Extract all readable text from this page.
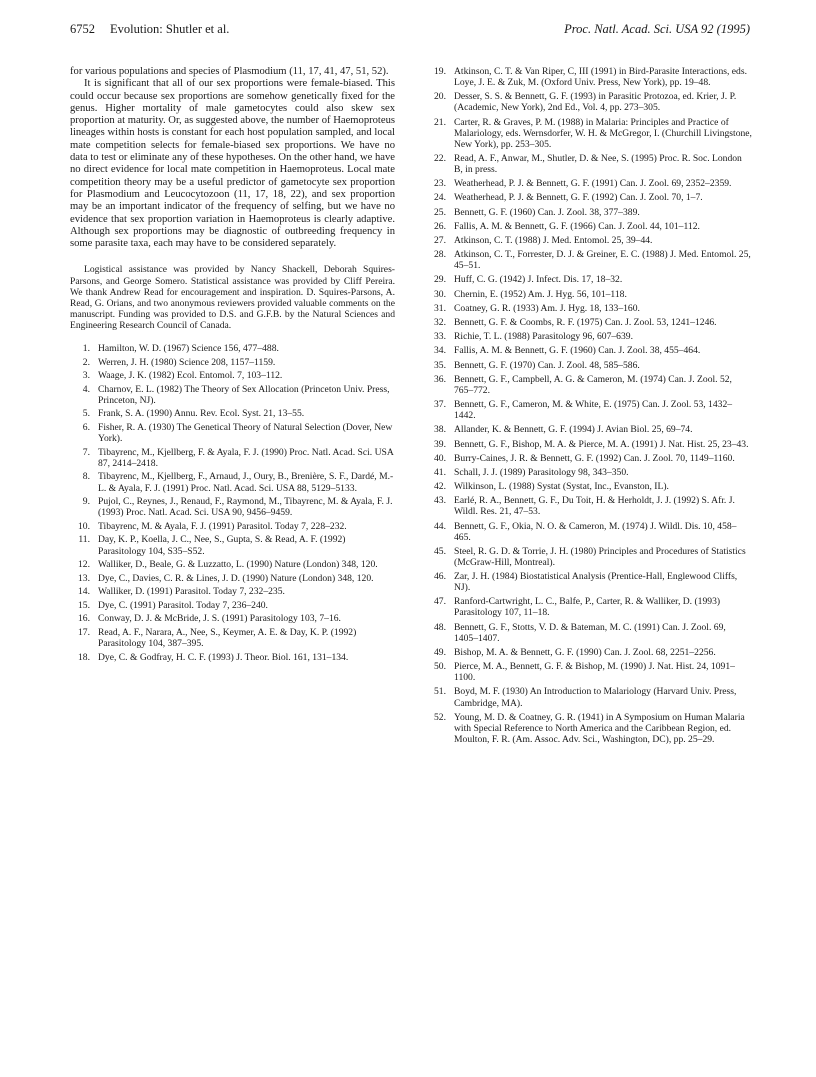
6752 Evolution: Shutler et al.	Proc. Natl. Acad. Sci. USA 92 (1995)

for various populations and species of Plasmodium (11, 17, 41, 47, 51, 52).

It is significant that all of our sex proportions were female-biased. This could occur because sex proportions are somehow genetically fixed for the genus. Higher mortality of male gametocytes could also skew sex proportion at maturity. Or, as suggested above, the number of Haemoproteus lineages within hosts is constant for each host population sampled, and local mate competition selects for female-biased sex proportions. We have no data to test or eliminate any of these hypotheses. On the other hand, we have no direct evidence for local mate competition in Haemoproteus. Local mate competition theory may be a useful predictor of gametocyte sex proportion for Plasmodium and Leucocytozoon (11, 17, 18, 22), and sex proportion may be an important indicator of the frequency of selfing, but we have no evidence that sex proportion variation in Haemoproteus is clearly adaptive. Although sex proportions may be diagnostic of outbreeding frequency in some parasite taxa, each may have to be considered separately.

Logistical assistance was provided by Nancy Shackell, Deborah Squires-Parsons, and George Somero. Statistical assistance was provided by Cliff Pereira. We thank Andrew Read for encouragement and inspiration. D. Squires-Parsons, A. Read, G. Orians, and two anonymous reviewers provided valuable comments on the manuscript. Funding was provided to D.S. and G.F.B. by the Natural Sciences and Engineering Research Council of Canada.

1. Hamilton, W. D. (1967) Science 156, 477–488.
2. Werren, J. H. (1980) Science 208, 1157–1159.
3. Waage, J. K. (1982) Ecol. Entomol. 7, 103–112.
4. Charnov, E. L. (1982) The Theory of Sex Allocation (Princeton Univ. Press, Princeton, NJ).
5. Frank, S. A. (1990) Annu. Rev. Ecol. Syst. 21, 13–55.
6. Fisher, R. A. (1930) The Genetical Theory of Natural Selection (Dover, New York).
7. Tibayrenc, M., Kjellberg, F. & Ayala, F. J. (1990) Proc. Natl. Acad. Sci. USA 87, 2414–2418.
8. Tibayrenc, M., Kjellberg, F., Arnaud, J., Oury, B., Brenière, S. F., Dardé, M.-L. & Ayala, F. J. (1991) Proc. Natl. Acad. Sci. USA 88, 5129–5133.
9. Pujol, C., Reynes, J., Renaud, F., Raymond, M., Tibayrenc, M. & Ayala, F. J. (1993) Proc. Natl. Acad. Sci. USA 90, 9456–9459.
10. Tibayrenc, M. & Ayala, F. J. (1991) Parasitol. Today 7, 228–232.
11. Day, K. P., Koella, J. C., Nee, S., Gupta, S. & Read, A. F. (1992) Parasitology 104, S35–S52.
12. Walliker, D., Beale, G. & Luzzatto, L. (1990) Nature (London) 348, 120.
13. Dye, C., Davies, C. R. & Lines, J. D. (1990) Nature (London) 348, 120.
14. Walliker, D. (1991) Parasitol. Today 7, 232–235.
15. Dye, C. (1991) Parasitol. Today 7, 236–240.
16. Conway, D. J. & McBride, J. S. (1991) Parasitology 103, 7–16.
17. Read, A. F., Narara, A., Nee, S., Keymer, A. E. & Day, K. P. (1992) Parasitology 104, 387–395.
18. Dye, C. & Godfray, H. C. F. (1993) J. Theor. Biol. 161, 131–134.
19. Atkinson, C. T. & Van Riper, C, III (1991) in Bird-Parasite Interactions, eds. Loye, J. E. & Zuk, M. (Oxford Univ. Press, New York), pp. 19–48.
20. Desser, S. S. & Bennett, G. F. (1993) in Parasitic Protozoa, ed. Krier, J. P. (Academic, New York), 2nd Ed., Vol. 4, pp. 273–305.
21. Carter, R. & Graves, P. M. (1988) in Malaria: Principles and Practice of Malariology, eds. Wernsdorfer, W. H. & McGregor, I. (Churchill Livingstone, New York), pp. 253–305.
22. Read, A. F., Anwar, M., Shutler, D. & Nee, S. (1995) Proc. R. Soc. London B, in press.
23. Weatherhead, P. J. & Bennett, G. F. (1991) Can. J. Zool. 69, 2352–2359.
24. Weatherhead, P. J. & Bennett, G. F. (1992) Can. J. Zool. 70, 1–7.
25. Bennett, G. F. (1960) Can. J. Zool. 38, 377–389.
26. Fallis, A. M. & Bennett, G. F. (1966) Can. J. Zool. 44, 101–112.
27. Atkinson, C. T. (1988) J. Med. Entomol. 25, 39–44.
28. Atkinson, C. T., Forrester, D. J. & Greiner, E. C. (1988) J. Med. Entomol. 25, 45–51.
29. Huff, C. G. (1942) J. Infect. Dis. 17, 18–32.
30. Chernin, E. (1952) Am. J. Hyg. 56, 101–118.
31. Coatney, G. R. (1933) Am. J. Hyg. 18, 133–160.
32. Bennett, G. F. & Coombs, R. F. (1975) Can. J. Zool. 53, 1241–1246.
33. Richie, T. L. (1988) Parasitology 96, 607–639.
34. Fallis, A. M. & Bennett, G. F. (1960) Can. J. Zool. 38, 455–464.
35. Bennett, G. F. (1970) Can. J. Zool. 48, 585–586.
36. Bennett, G. F., Campbell, A. G. & Cameron, M. (1974) Can. J. Zool. 52, 765–772.
37. Bennett, G. F., Cameron, M. & White, E. (1975) Can. J. Zool. 53, 1432–1442.
38. Allander, K. & Bennett, G. F. (1994) J. Avian Biol. 25, 69–74.
39. Bennett, G. F., Bishop, M. A. & Pierce, M. A. (1991) J. Nat. Hist. 25, 23–43.
40. Burry-Caines, J. R. & Bennett, G. F. (1992) Can. J. Zool. 70, 1149–1160.
41. Schall, J. J. (1989) Parasitology 98, 343–350.
42. Wilkinson, L. (1988) Systat (Systat, Inc., Evanston, IL).
43. Earlé, R. A., Bennett, G. F., Du Toit, H. & Herholdt, J. J. (1992) S. Afr. J. Wildl. Res. 21, 47–53.
44. Bennett, G. F., Okia, N. O. & Cameron, M. (1974) J. Wildl. Dis. 10, 458–465.
45. Steel, R. G. D. & Torrie, J. H. (1980) Principles and Procedures of Statistics (McGraw-Hill, Montreal).
46. Zar, J. H. (1984) Biostatistical Analysis (Prentice-Hall, Englewood Cliffs, NJ).
47. Ranford-Cartwright, L. C., Balfe, P., Carter, R. & Walliker, D. (1993) Parasitology 107, 11–18.
48. Bennett, G. F., Stotts, V. D. & Bateman, M. C. (1991) Can. J. Zool. 69, 1405–1407.
49. Bishop, M. A. & Bennett, G. F. (1990) Can. J. Zool. 68, 2251–2256.
50. Pierce, M. A., Bennett, G. F. & Bishop, M. (1990) J. Nat. Hist. 24, 1091–1100.
51. Boyd, M. F. (1930) An Introduction to Malariology (Harvard Univ. Press, Cambridge, MA).
52. Young, M. D. & Coatney, G. R. (1941) in A Symposium on Human Malaria with Special Reference to North America and the Caribbean Region, ed. Moulton, F. R. (Am. Assoc. Adv. Sci., Washington, DC), pp. 25–29.
